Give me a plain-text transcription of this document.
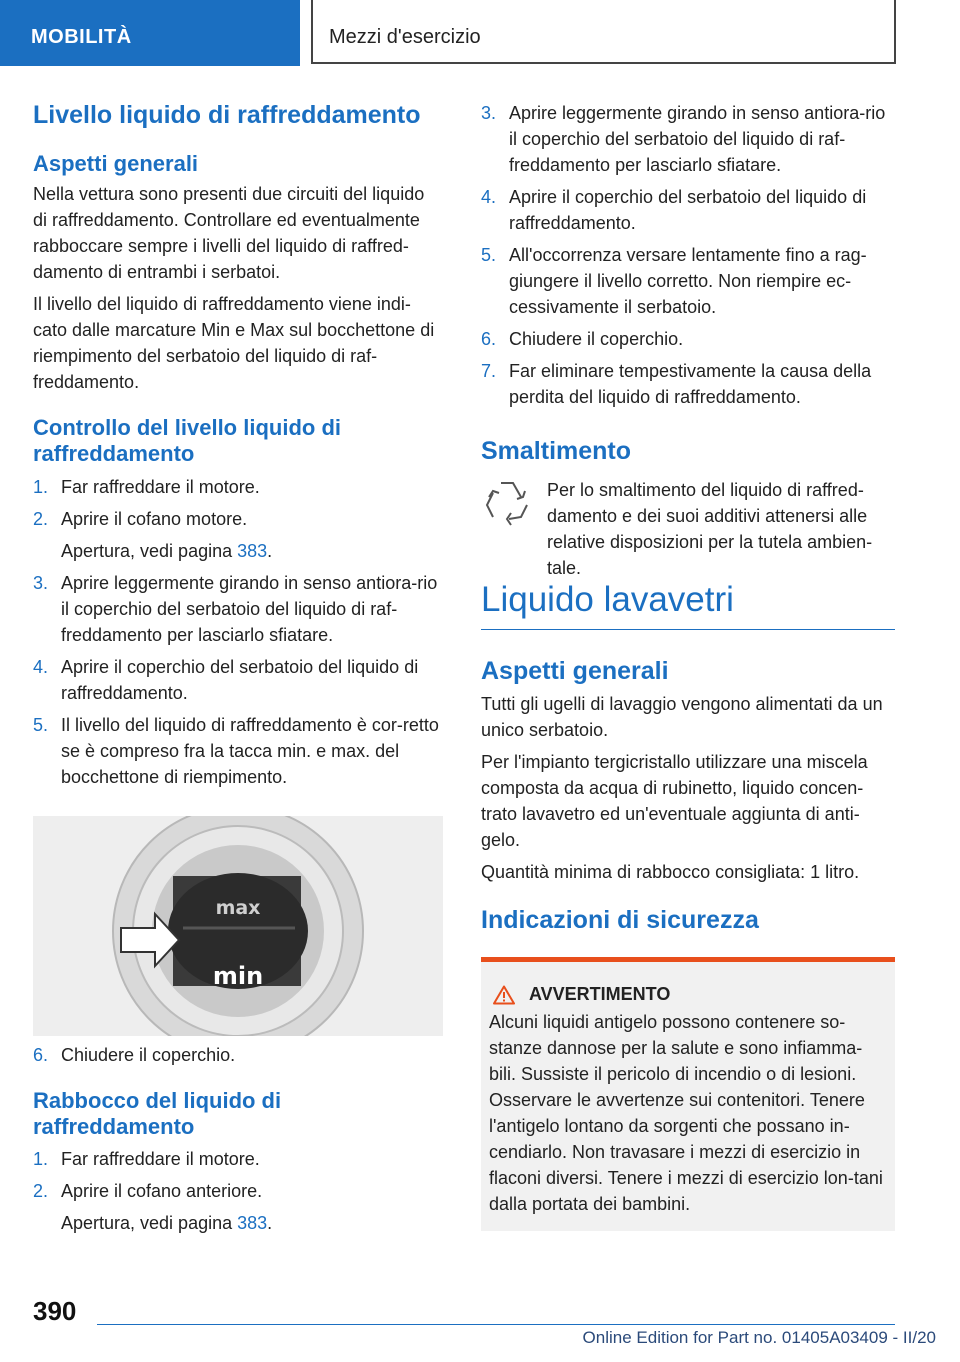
MOBILITÀ	Mezzi d'esercizio
Livello liquido di raffreddamento
Aspetti generali

Nella vettura sono presenti due circuiti del liquido di raffreddamento. Controllare ed eventualmente rabboccare sempre i livelli del liquido di raffred-damento di entrambi i serbatoi.

Il livello del liquido di raffreddamento viene indi-cato dalle marcature Min e Max sul bocchettone di riempimento del serbatoio del liquido di raf-freddamento.

Controllo del livello liquido di raffreddamento
1. Far raffreddare il motore.
2. Aprire il cofano motore.
Apertura, vedi pagina 383.
3. Aprire leggermente girando in senso antiora-rio il coperchio del serbatoio del liquido di raf-freddamento per lasciarlo sfiatare.
4. Aprire il coperchio del serbatoio del liquido di raffreddamento.
5. Il livello del liquido di raffreddamento è cor-retto se è compreso fra la tacca min. e max. del bocchettone di riempimento.
max
min
6. Chiudere il coperchio.
Rabbocco del liquido di raffreddamento
1. Far raffreddare il motore.
2. Aprire il cofano anteriore.
Apertura, vedi pagina 383.
3. Aprire leggermente girando in senso antiora-rio il coperchio del serbatoio del liquido di raf-freddamento per lasciarlo sfiatare.
4. Aprire il coperchio del serbatoio del liquido di raffreddamento.
5. All'occorrenza versare lentamente fino a rag-giungere il livello corretto. Non riempire ec-cessivamente il serbatoio.
6. Chiudere il coperchio.
7. Far eliminare tempestivamente la causa della perdita del liquido di raffreddamento.
Smaltimento
Per lo smaltimento del liquido di raffred-damento e dei suoi additivi attenersi alle relative disposizioni per la tutela ambien-tale.
Liquido lavavetri
Aspetti generali

Tutti gli ugelli di lavaggio vengono alimentati da un unico serbatoio.

Per l'impianto tergicristallo utilizzare una miscela composta da acqua di rubinetto, liquido concen-trato lavavetro ed un'eventuale aggiunta di anti-gelo.

Quantità minima di rabbocco consigliata: 1 litro.

Indicazioni di sicurezza
AVVERTIMENTO

Alcuni liquidi antigelo possono contenere so-stanze dannose per la salute e sono infiamma-bili. Sussiste il pericolo di incendio o di lesioni. Osservare le avvertenze sui contenitori. Tenere l'antigelo lontano da sorgenti che possano in-cendiarlo. Non travasare i mezzi di esercizio in flaconi diversi. Tenere i mezzi di esercizio lon-tani dalla portata dei bambini.

390
Online Edition for Part no. 01405A03409 - II/20
